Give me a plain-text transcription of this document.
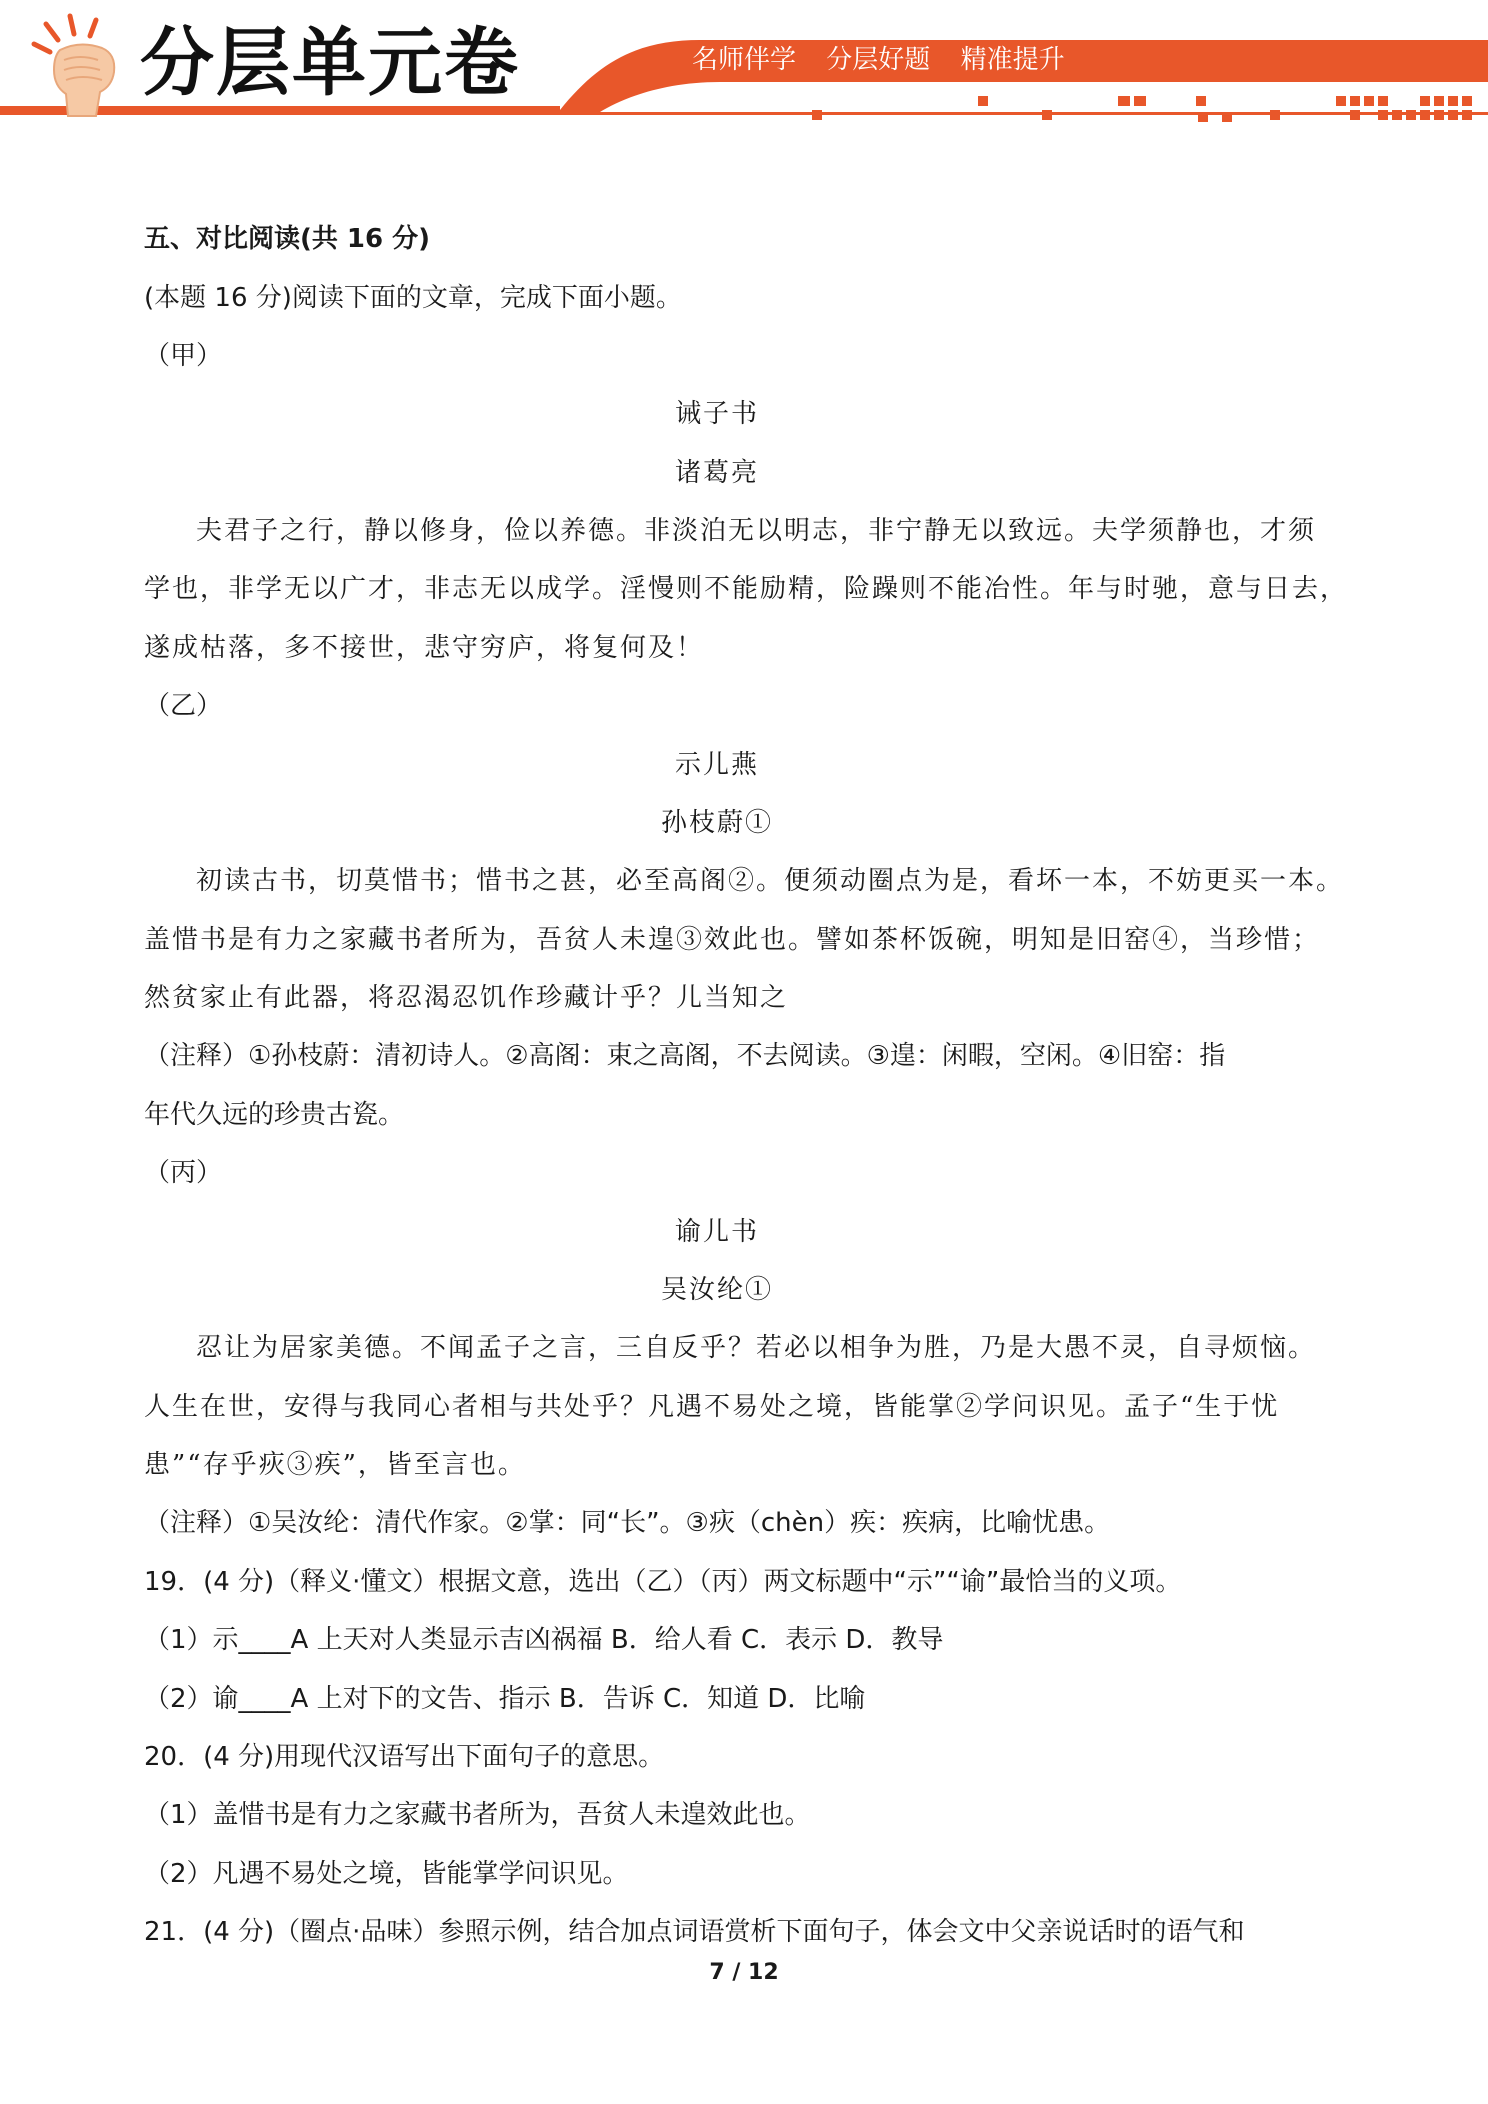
分层单元卷	名师伴学 分层好题 精准提升
五、对比阅读(共 16 分)
(本题 16 分)阅读下面的文章，完成下面小题。
（甲）
诫子书
诸葛亮
夫君子之行，静以修身，俭以养德。非淡泊无以明志，非宁静无以致远。夫学须静也，才须
学也，非学无以广才，非志无以成学。淫慢则不能励精，险躁则不能冶性。年与时驰，意与日去，
遂成枯落，多不接世，悲守穷庐，将复何及！
（乙）
示儿燕
孙枝蔚①
初读古书，切莫惜书；惜书之甚，必至高阁②。便须动圈点为是，看坏一本，不妨更买一本。
盖惜书是有力之家藏书者所为，吾贫人未遑③效此也。譬如茶杯饭碗，明知是旧窑④，当珍惜；
然贫家止有此器，将忍渴忍饥作珍藏计乎？儿当知之
（注释）①孙枝蔚：清初诗人。②高阁：束之高阁，不去阅读。③遑：闲暇，空闲。④旧窑：指
年代久远的珍贵古瓷。
（丙）
谕儿书
吴汝纶①
忍让为居家美德。不闻孟子之言，三自反乎？若必以相争为胜，乃是大愚不灵，自寻烦恼。
人生在世，安得与我同心者相与共处乎？凡遇不易处之境，皆能掌②学问识见。孟子“生于忧
患”“存乎疢③疾”，皆至言也。
（注释）①吴汝纶：清代作家。②掌：同“长”。③疢（chèn）疾：疾病，比喻忧患。
19．(4 分)（释义·懂文）根据文意，选出（乙）（丙）两文标题中“示”“谕”最恰当的义项。
（1）示____A 上天对人类显示吉凶祸福 B．给人看 C．表示 D．教导
（2）谕____A 上对下的文告、指示 B．告诉 C．知道 D．比喻
20．(4 分)用现代汉语写出下面句子的意思。
（1）盖惜书是有力之家藏书者所为，吾贫人未遑效此也。
（2）凡遇不易处之境，皆能掌学问识见。
21．(4 分)（圈点·品味）参照示例，结合加点词语赏析下面句子，体会文中父亲说话时的语气和
7 / 12
